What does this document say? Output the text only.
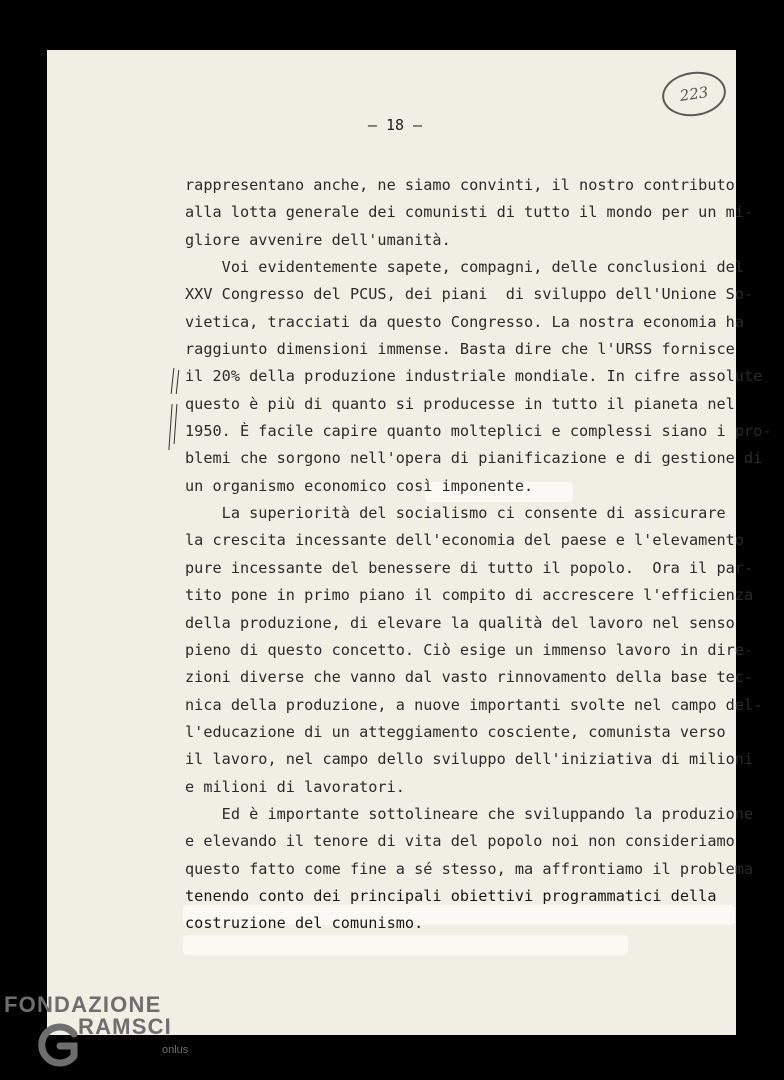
223
– 18 –
rappresentano anche, ne siamo convinti, il nostro contributo
alla lotta generale dei comunisti di tutto il mondo per un mi-
gliore avvenire dell'umanità.
Voi evidentemente sapete, compagni, delle conclusioni del
XXV Congresso del PCUS, dei piani  di sviluppo dell'Unione So-
vietica, tracciati da questo Congresso. La nostra economia ha
raggiunto dimensioni immense. Basta dire che l'URSS fornisce
il 20% della produzione industriale mondiale. In cifre assolute
questo è più di quanto si producesse in tutto il pianeta nel
1950. È facile capire quanto molteplici e complessi siano i pro-
blemi che sorgono nell'opera di pianificazione e di gestione di
un organismo economico così imponente.
La superiorità del socialismo ci consente di assicurare
la crescita incessante dell'economia del paese e l'elevamento
pure incessante del benessere di tutto il popolo.  Ora il par-
tito pone in primo piano il compito di accrescere l'efficienza
della produzione, di elevare la qualità del lavoro nel senso
pieno di questo concetto. Ciò esige un immenso lavoro in dire-
zioni diverse che vanno dal vasto rinnovamento della base tec-
nica della produzione, a nuove importanti svolte nel campo del-
l'educazione di un atteggiamento cosciente, comunista verso
il lavoro, nel campo dello sviluppo dell'iniziativa di milioni
e milioni di lavoratori.
Ed è importante sottolineare che sviluppando la produzione
e elevando il tenore di vita del popolo noi non consideriamo
questo fatto come fine a sé stesso, ma affrontiamo il problema
tenendo conto dei principali obiettivi programmatici della
costruzione del comunismo.
FONDAZIONE
RAMSCI
onlus
